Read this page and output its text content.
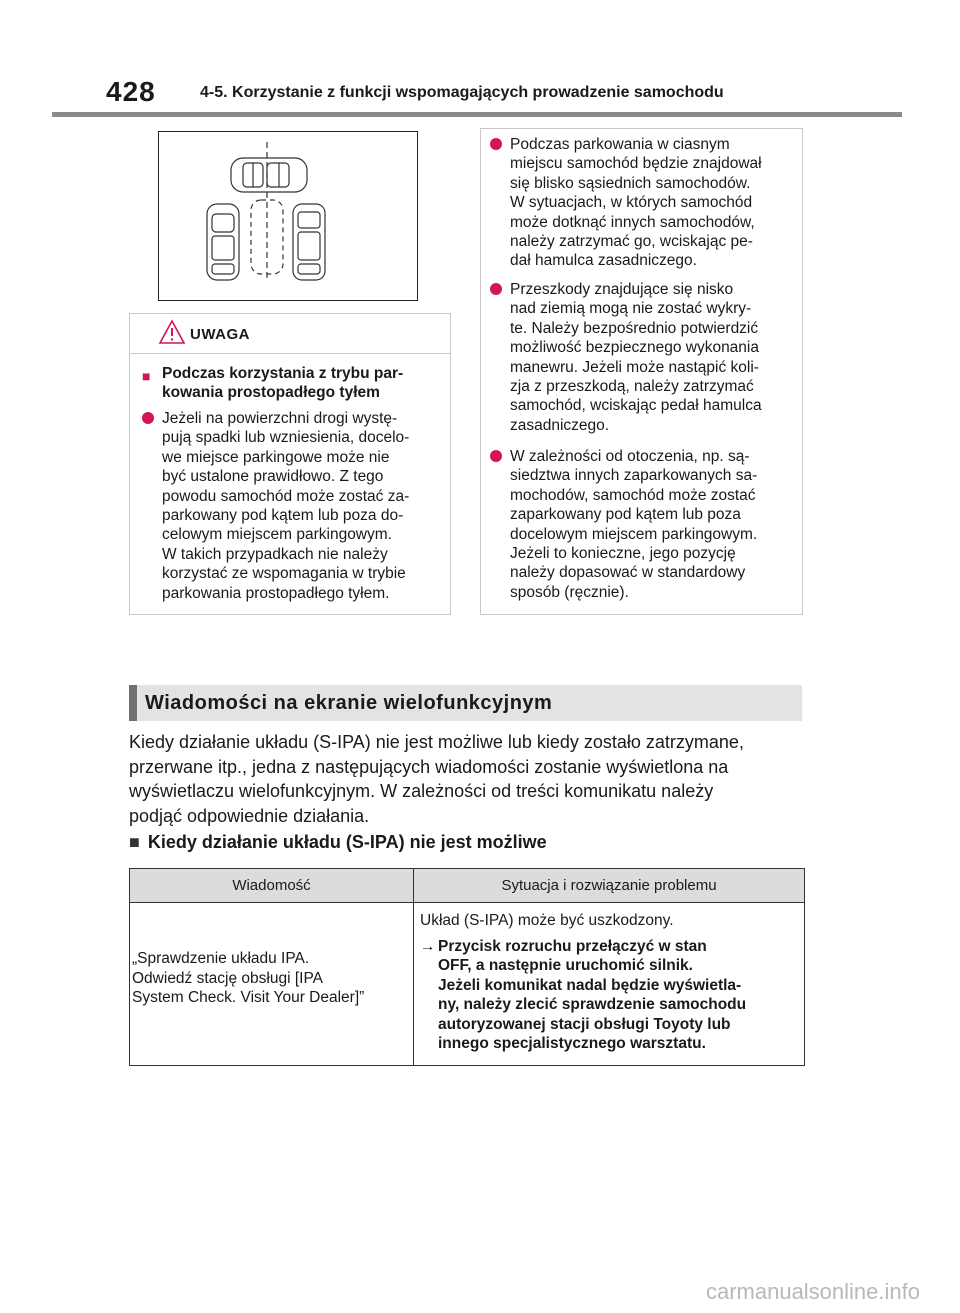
428	4-5. Korzystanie z funkcji wspomagających prowadzenie samochodu
UWAGA
■ Podczas korzystania z trybu par-
kowania prostopadłego tyłem
Jeżeli na powierzchni drogi wystę-
pują spadki lub wzniesienia, docelo-
we miejsce parkingowe może nie
być ustalone prawidłowo. Z tego
powodu samochód może zostać za-
parkowany pod kątem lub poza do-
celowym miejscem parkingowym.
W takich przypadkach nie należy
korzystać ze wspomagania w trybie
parkowania prostopadłego tyłem.
Podczas parkowania w ciasnym
miejscu samochód będzie znajdował
się blisko sąsiednich samochodów.
W sytuacjach, w których samochód
może dotknąć innych samochodów,
należy zatrzymać go, wciskając pe-
dał hamulca zasadniczego.
Przeszkody znajdujące się nisko
nad ziemią mogą nie zostać wykry-
te. Należy bezpośrednio potwierdzić
możliwość bezpiecznego wykonania
manewru. Jeżeli może nastąpić koli-
zja z przeszkodą, należy zatrzymać
samochód, wciskając pedał hamulca
zasadniczego.
W zależności od otoczenia, np. są-
siedztwa innych zaparkowanych sa-
mochodów, samochód może zostać
zaparkowany pod kątem lub poza
docelowym miejscem parkingowym.
Jeżeli to konieczne, jego pozycję
należy dopasować w standardowy
sposób (ręcznie).
Wiadomości na ekranie wielofunkcyjnym
Kiedy działanie układu (S-IPA) nie jest możliwe lub kiedy zostało zatrzymane,
przerwane itp., jedna z następujących wiadomości zostanie wyświetlona na
wyświetlaczu wielofunkcyjnym. W zależności od treści komunikatu należy
podjąć odpowiednie działania.
■ Kiedy działanie układu (S-IPA) nie jest możliwe
Wiadomość	Sytuacja i rozwiązanie problemu
„Sprawdzenie układu IPA.
Odwiedź stację obsługi [IPA
System Check. Visit Your Dealer]”
Układ (S-IPA) może być uszkodzony.
→ Przycisk rozruchu przełączyć w stan
OFF, a następnie uruchomić silnik.
Jeżeli komunikat nadal będzie wyświetla-
ny, należy zlecić sprawdzenie samochodu
autoryzowanej stacji obsługi Toyoty lub
innego specjalistycznego warsztatu.
carmanualsonline.info
